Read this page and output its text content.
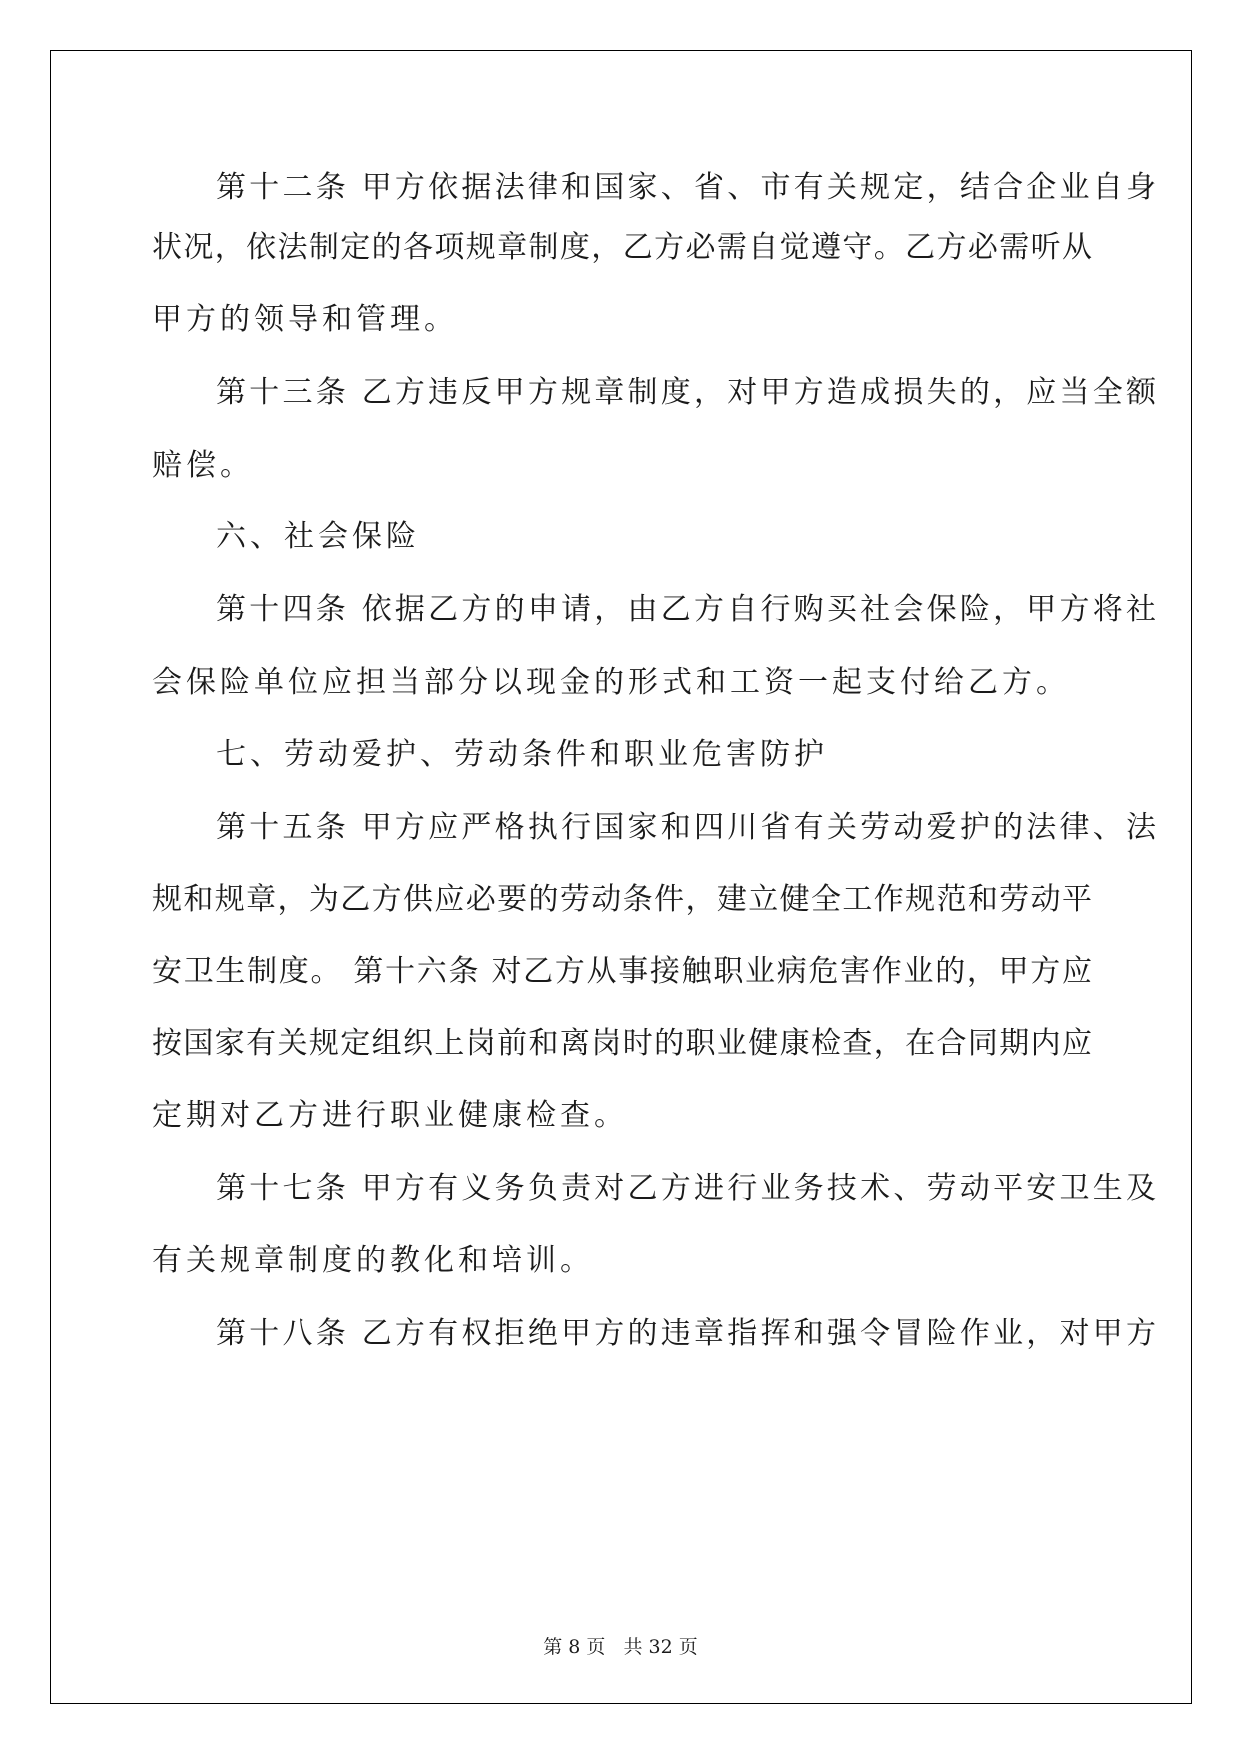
第十二条 甲方依据法律和国家、省、市有关规定，结合企业自身
状况，依法制定的各项规章制度，乙方必需自觉遵守。乙方必需听从
甲方的领导和管理。
第十三条 乙方违反甲方规章制度，对甲方造成损失的，应当全额
赔偿。
六、社会保险
第十四条 依据乙方的申请，由乙方自行购买社会保险，甲方将社
会保险单位应担当部分以现金的形式和工资一起支付给乙方。
七、劳动爱护、劳动条件和职业危害防护
第十五条 甲方应严格执行国家和四川省有关劳动爱护的法律、法
规和规章，为乙方供应必要的劳动条件，建立健全工作规范和劳动平
安卫生制度。 第十六条 对乙方从事接触职业病危害作业的，甲方应
按国家有关规定组织上岗前和离岗时的职业健康检查，在合同期内应
定期对乙方进行职业健康检查。
第十七条 甲方有义务负责对乙方进行业务技术、劳动平安卫生及
有关规章制度的教化和培训。
第十八条 乙方有权拒绝甲方的违章指挥和强令冒险作业，对甲方
第 8 页 共 32 页
